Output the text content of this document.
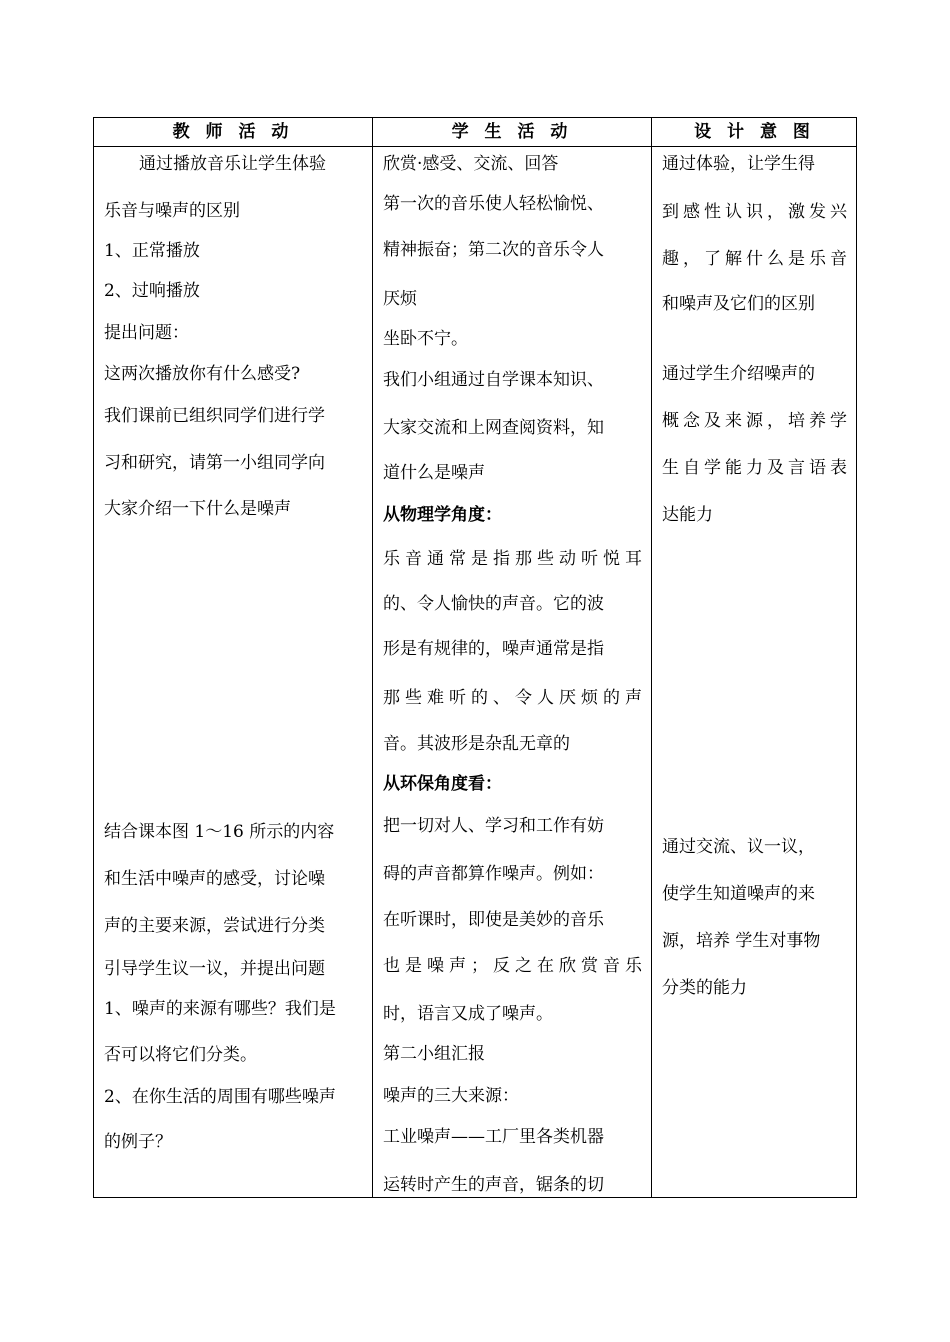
教 师 活 动	学 生 活 动	设 计 意 图
通过播放音乐让学生体验
乐音与噪声的区别
1、正常播放
2、过响播放
提出问题：
这两次播放你有什么感受?
我们课前已组织同学们进行学
习和研究，请第一小组同学向
大家介绍一下什么是噪声
结合课本图 1～16 所示的内容
和生活中噪声的感受，讨论噪
声的主要来源，尝试进行分类
引导学生议一议，并提出问题
1、噪声的来源有哪些？我们是
否可以将它们分类。
2、在你生活的周围有哪些噪声
的例子？
欣赏·感受、交流、回答
第一次的音乐使人轻松愉悦、
精神振奋；第二次的音乐令人
厌烦
坐卧不宁。
我们小组通过自学课本知识、
大家交流和上网查阅资料，知
道什么是噪声
从物理学角度：
乐音通常是指那些动听悦耳
的、令人愉快的声音。它的波
形是有规律的，噪声通常是指
那些难听的、令人厌烦的声
音。其波形是杂乱无章的
从环保角度看：
把一切对人、学习和工作有妨
碍的声音都算作噪声。例如：
在听课时，即使是美妙的音乐
也是噪声；反之在欣赏音乐
时，语言又成了噪声。
第二小组汇报
噪声的三大来源：
工业噪声——工厂里各类机器
运转时产生的声音，锯条的切
通过体验，让学生得
到感性认识，激发兴
趣，了解什么是乐音
和噪声及它们的区别
通过学生介绍噪声的
概念及来源，培养学
生自学能力及言语表
达能力
通过交流、议一议，
使学生知道噪声的来
源，培养 学生对事物
分类的能力
